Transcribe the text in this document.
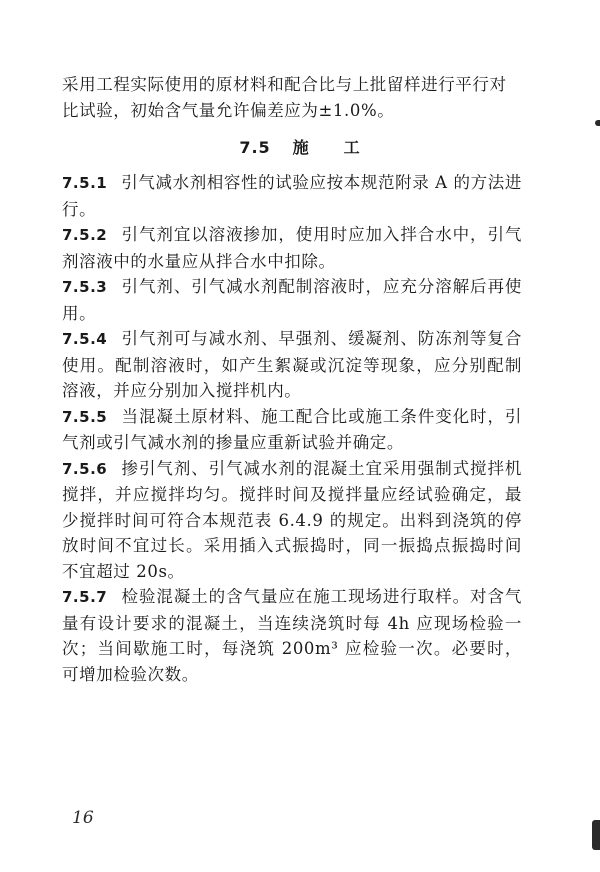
采用工程实际使用的原材料和配合比与上批留样进行平行对比试验，初始含气量允许偏差应为±1.0%。

7.5 施 工

7.5.1 引气减水剂相容性的试验应按本规范附录 A 的方法进行。

7.5.2 引气剂宜以溶液掺加，使用时应加入拌合水中，引气剂溶液中的水量应从拌合水中扣除。

7.5.3 引气剂、引气减水剂配制溶液时，应充分溶解后再使用。

7.5.4 引气剂可与减水剂、早强剂、缓凝剂、防冻剂等复合使用。配制溶液时，如产生絮凝或沉淀等现象，应分别配制溶液，并应分别加入搅拌机内。

7.5.5 当混凝土原材料、施工配合比或施工条件变化时，引气剂或引气减水剂的掺量应重新试验并确定。

7.5.6 掺引气剂、引气减水剂的混凝土宜采用强制式搅拌机搅拌，并应搅拌均匀。搅拌时间及搅拌量应经试验确定，最少搅拌时间可符合本规范表 6.4.9 的规定。出料到浇筑的停放时间不宜过长。采用插入式振捣时，同一振捣点振捣时间不宜超过 20s。

7.5.7 检验混凝土的含气量应在施工现场进行取样。对含气量有设计要求的混凝土，当连续浇筑时每 4h 应现场检验一次；当间歇施工时，每浇筑 200m³ 应检验一次。必要时，可增加检验次数。

16
